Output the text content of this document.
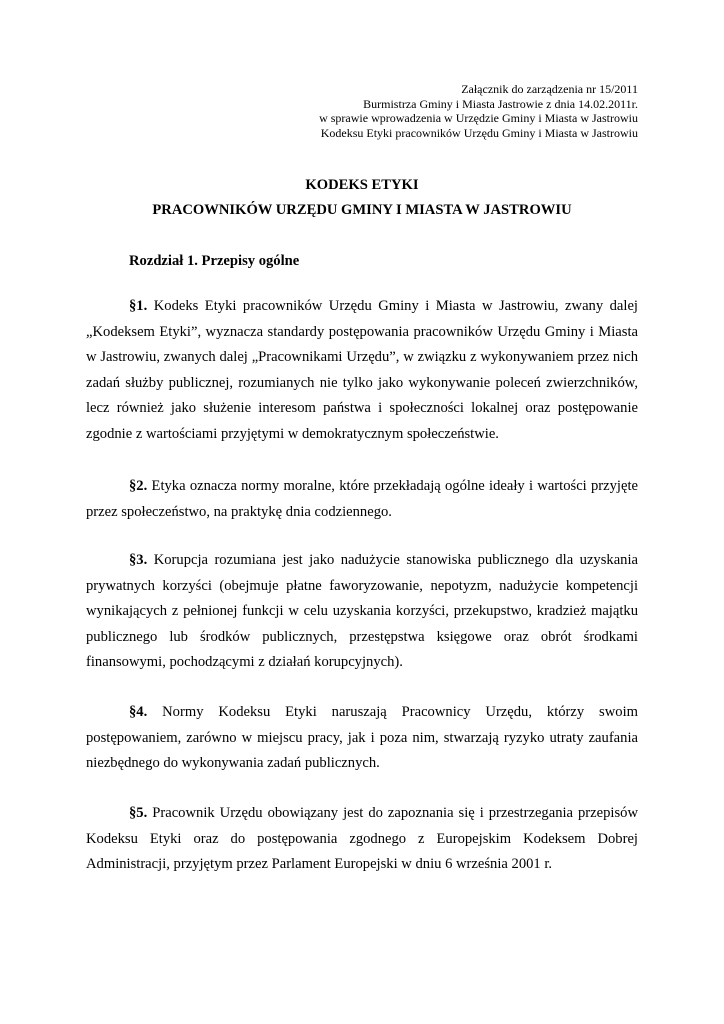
Załącznik do zarządzenia nr 15/2011
Burmistrza Gminy i Miasta Jastrowie z dnia 14.02.2011r.
w sprawie wprowadzenia w Urzędzie Gminy i Miasta w Jastrowiu
Kodeksu Etyki pracowników Urzędu Gminy i Miasta w Jastrowiu
KODEKS ETYKI
PRACOWNIKÓW URZĘDU GMINY I MIASTA W JASTROWIU
Rozdział 1. Przepisy ogólne
§1. Kodeks Etyki pracowników Urzędu Gminy i Miasta w Jastrowiu, zwany dalej „Kodeksem Etyki”, wyznacza standardy postępowania pracowników Urzędu Gminy i Miasta w Jastrowiu, zwanych dalej „Pracownikami Urzędu”, w związku z wykonywaniem przez nich zadań służby publicznej, rozumianych nie tylko jako wykonywanie poleceń zwierzchników, lecz również jako służenie interesom państwa i społeczności lokalnej oraz postępowanie zgodnie z wartościami przyjętymi w demokratycznym społeczeństwie.
§2. Etyka oznacza normy moralne, które przekładają ogólne ideały i wartości przyjęte przez społeczeństwo, na praktykę dnia codziennego.
§3. Korupcja rozumiana jest jako nadużycie stanowiska publicznego dla uzyskania prywatnych korzyści (obejmuje płatne faworyzowanie, nepotyzm, nadużycie kompetencji wynikających z pełnionej funkcji w celu uzyskania korzyści, przekupstwo, kradzież majątku publicznego lub środków publicznych, przestępstwa księgowe oraz obrót środkami finansowymi, pochodzącymi z działań korupcyjnych).
§4. Normy Kodeksu Etyki naruszają Pracownicy Urzędu, którzy swoim postępowaniem, zarówno w miejscu pracy, jak i poza nim, stwarzają ryzyko utraty zaufania niezbędnego do wykonywania zadań publicznych.
§5. Pracownik Urzędu obowiązany jest do zapoznania się i przestrzegania przepisów Kodeksu Etyki oraz do postępowania zgodnego z Europejskim Kodeksem Dobrej Administracji, przyjętym przez Parlament Europejski w dniu 6 września 2001 r.
